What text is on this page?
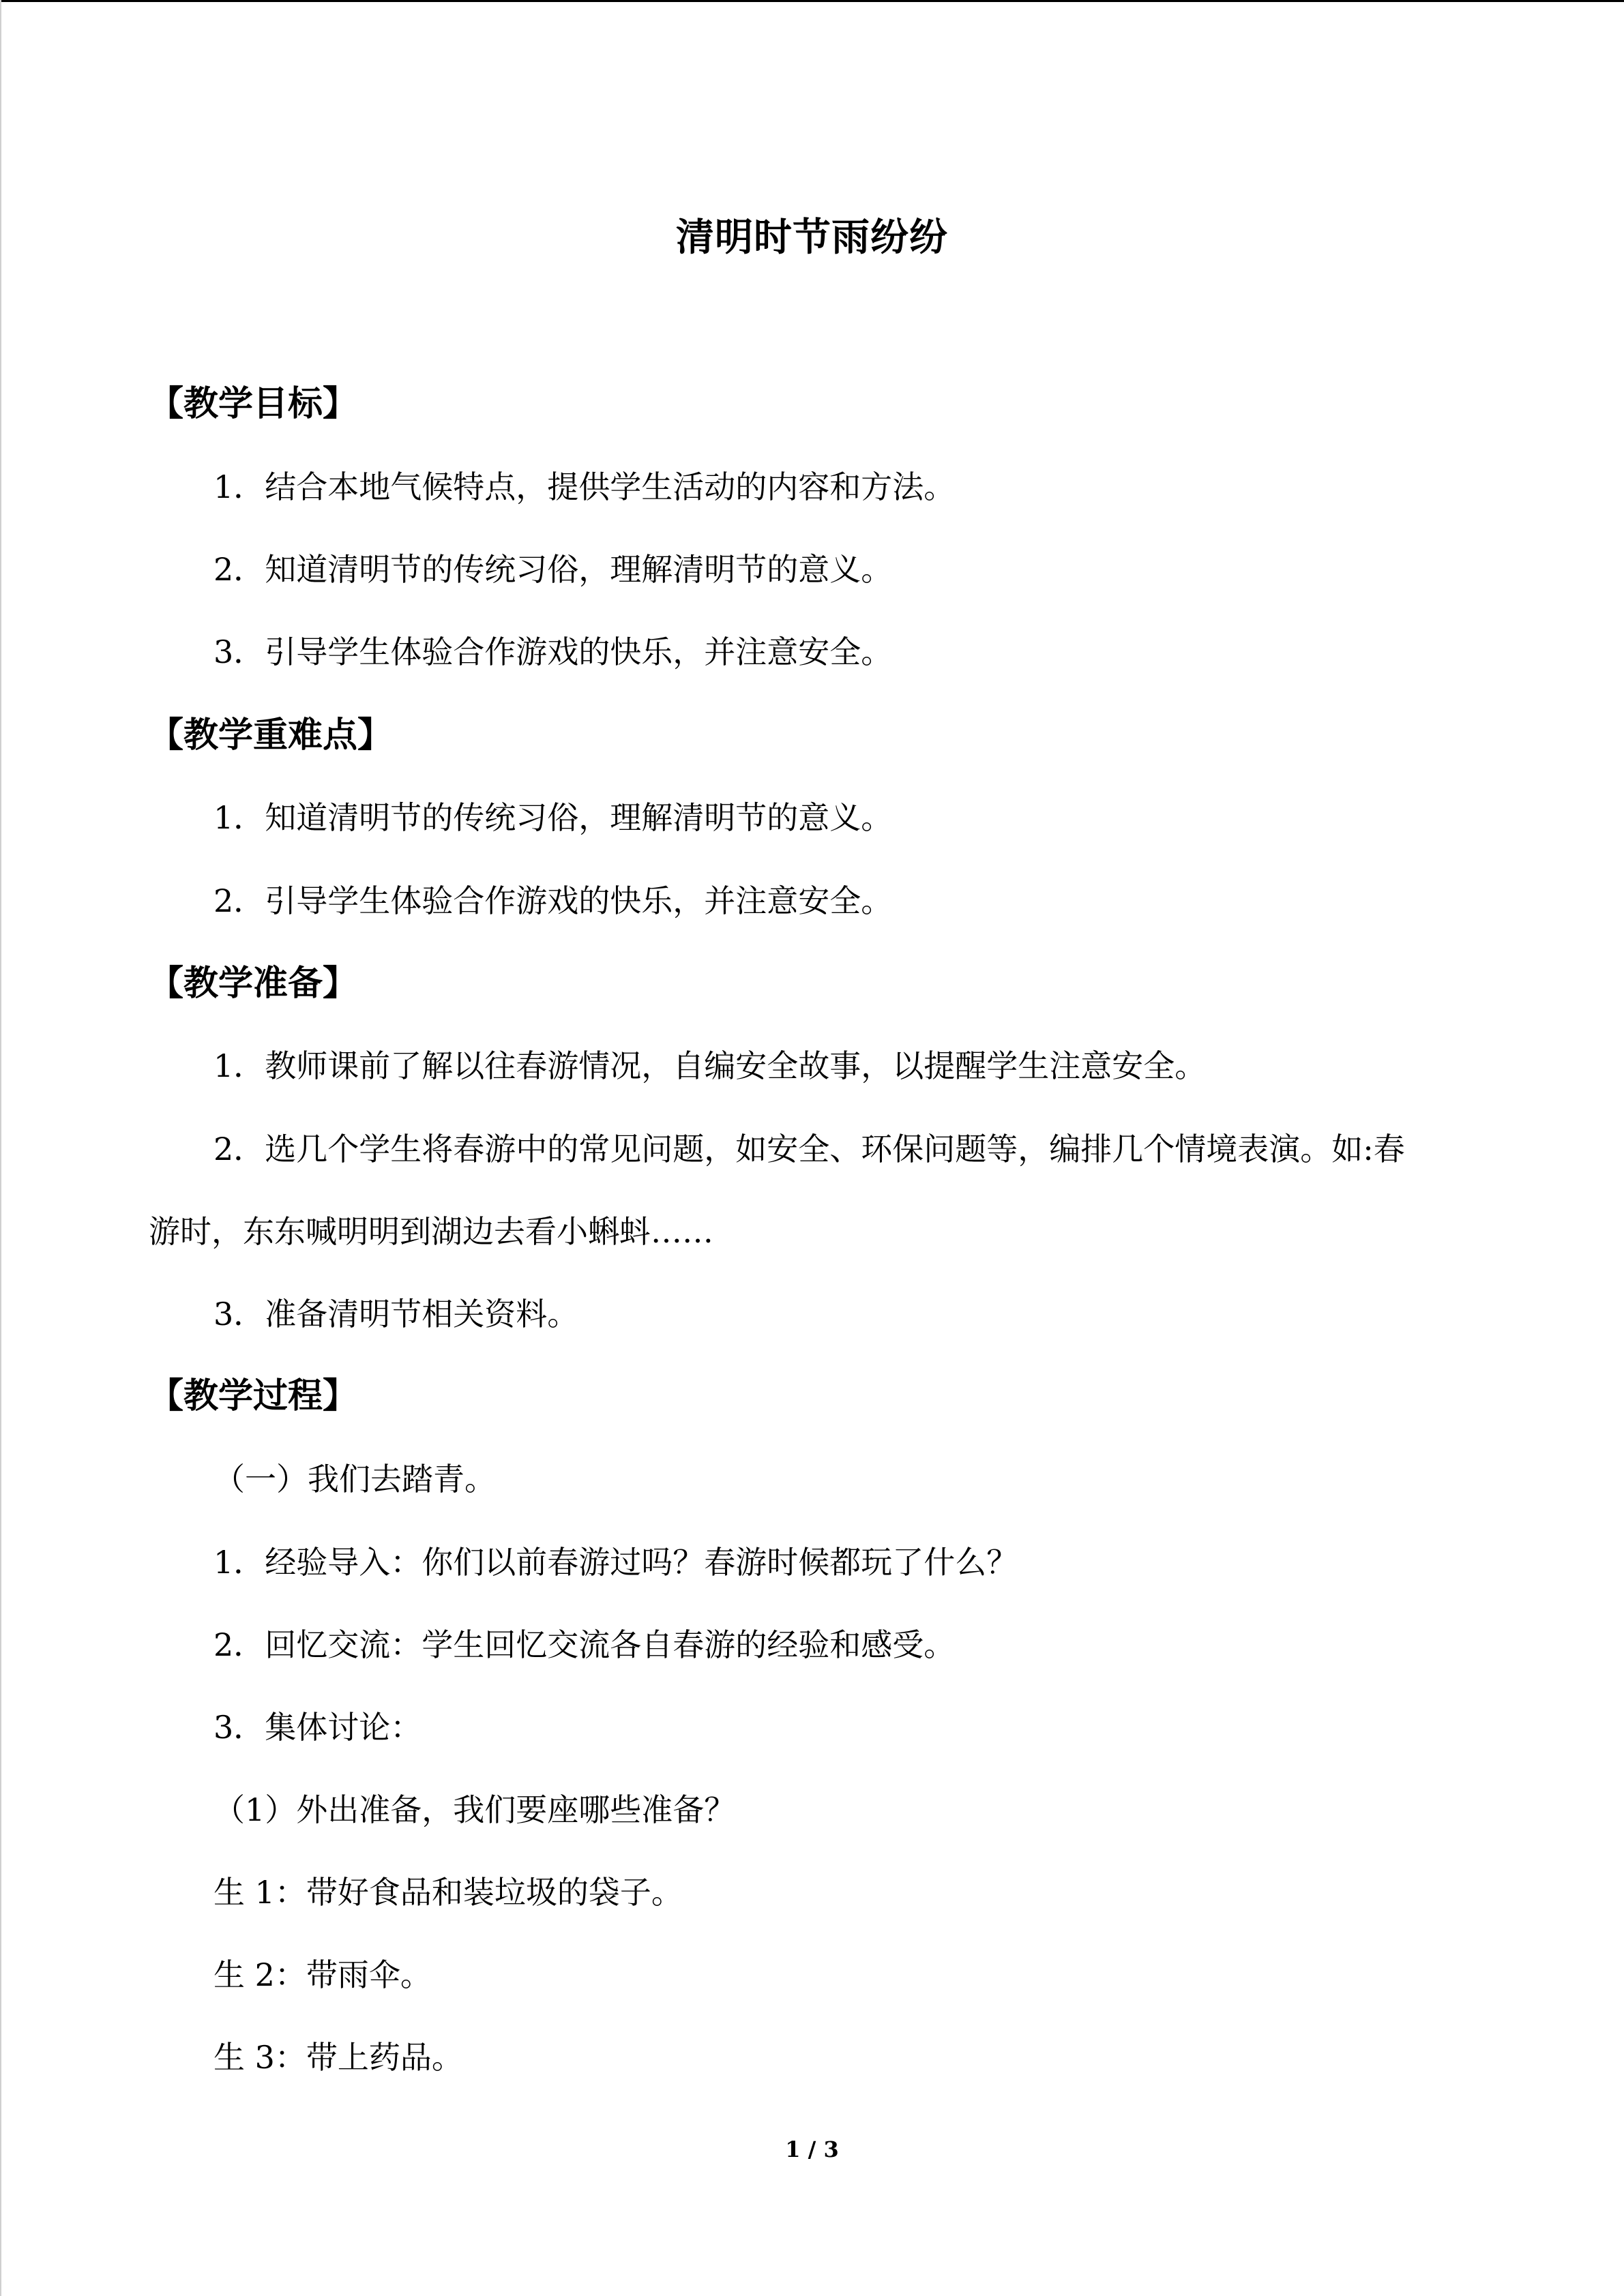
清明时节雨纷纷
【教学目标】
1．结合本地气候特点，提供学生活动的内容和方法。
2．知道清明节的传统习俗，理解清明节的意义。
3．引导学生体验合作游戏的快乐，并注意安全。
【教学重难点】
1．知道清明节的传统习俗，理解清明节的意义。
2．引导学生体验合作游戏的快乐，并注意安全。
【教学准备】
1．教师课前了解以往春游情况，自编安全故事，以提醒学生注意安全。
2．选几个学生将春游中的常见问题，如安全、环保问题等，编排几个情境表演。如:春
游时，东东喊明明到湖边去看小蝌蚪……
3．准备清明节相关资料。
【教学过程】
（一）我们去踏青。
1．经验导入：你们以前春游过吗？春游时候都玩了什么？
2．回忆交流：学生回忆交流各自春游的经验和感受。
3．集体讨论：
（1）外出准备，我们要座哪些准备？
生 1：带好食品和装垃圾的袋子。
生 2：带雨伞。
生 3：带上药品。
1 / 3
